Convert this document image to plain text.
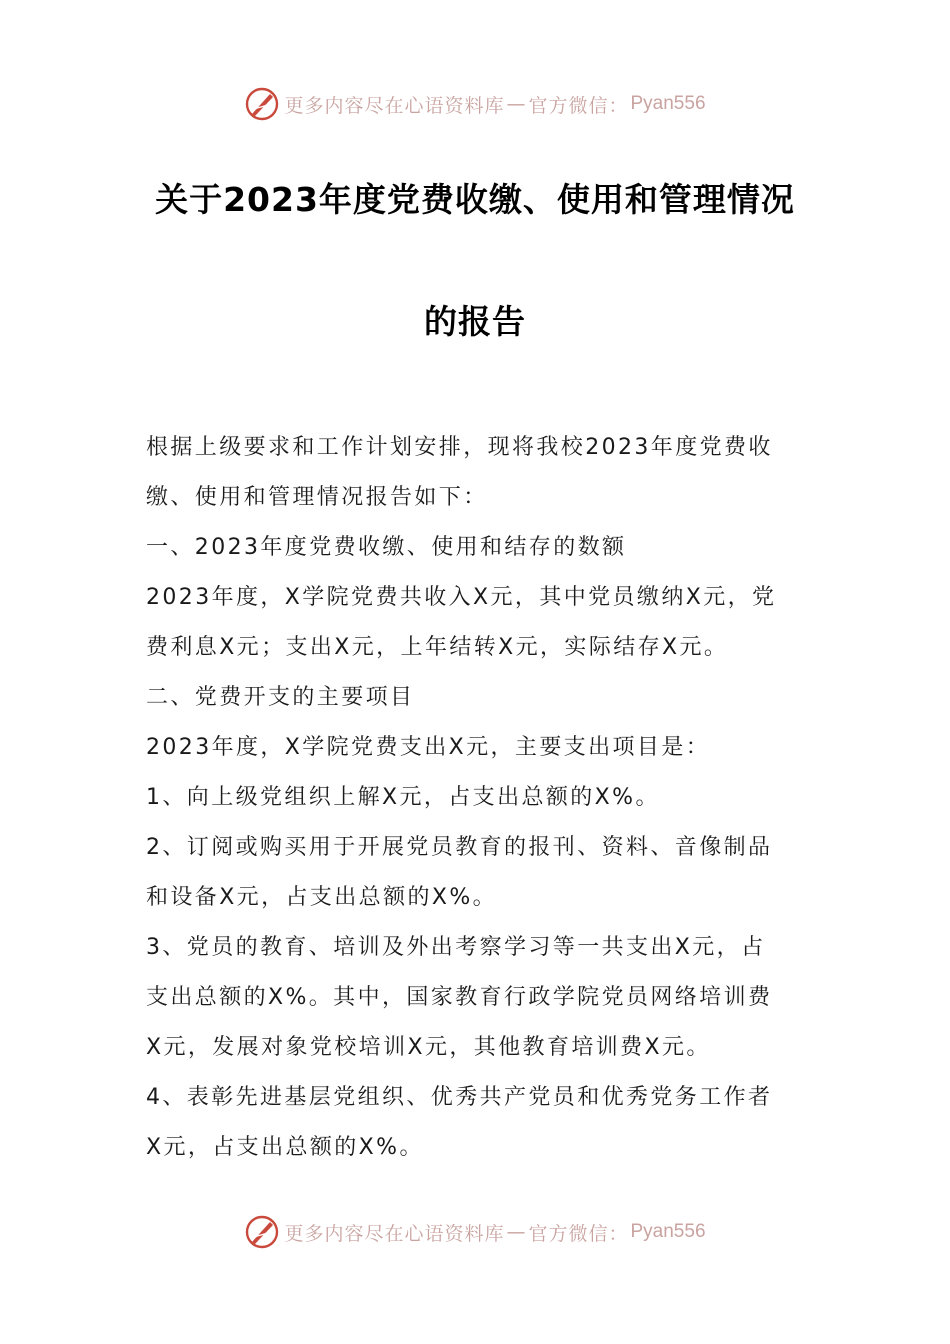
更多内容尽在心语资料库 — 官方微信： Pyan556
关于2023年度党费收缴、使用和管理情况
的报告
根据上级要求和工作计划安排，现将我校2023年度党费收
缴、使用和管理情况报告如下：
一、2023年度党费收缴、使用和结存的数额
2023年度，X学院党费共收入X元，其中党员缴纳X元，党
费利息X元；支出X元，上年结转X元，实际结存X元。
二、党费开支的主要项目
2023年度，X学院党费支出X元，主要支出项目是：
1、向上级党组织上解X元，占支出总额的X%。
2、订阅或购买用于开展党员教育的报刊、资料、音像制品
和设备X元，占支出总额的X%。
3、党员的教育、培训及外出考察学习等一共支出X元，占
支出总额的X%。其中，国家教育行政学院党员网络培训费
X元，发展对象党校培训X元，其他教育培训费X元。
4、表彰先进基层党组织、优秀共产党员和优秀党务工作者
X元，占支出总额的X%。
更多内容尽在心语资料库 — 官方微信： Pyan556
